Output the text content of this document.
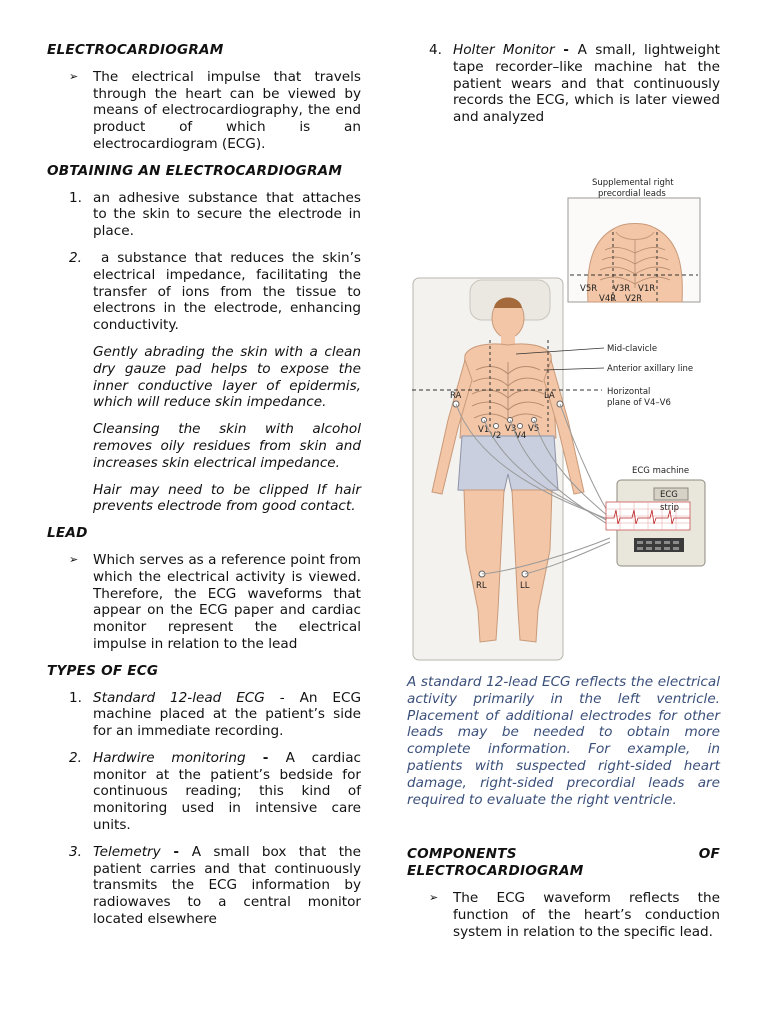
ELECTROCARDIOGRAM
➢ The electrical impulse that travels through the heart can be viewed by means of electrocardiography, the end product of which is an electrocardiogram (ECG).
OBTAINING AN ELECTROCARDIOGRAM
1. an adhesive substance that attaches to the skin to secure the electrode in place.
2. a substance that reduces the skin’s electrical impedance, facilitating the transfer of ions from the tissue to electrons in the electrode, enhancing conductivity.

Gently abrading the skin with a clean dry gauze pad helps to expose the inner conductive layer of epidermis, which will reduce skin impedance.

Cleansing the skin with alcohol removes oily residues from skin and increases skin electrical impedance.

Hair may need to be clipped If hair prevents electrode from good contact.

LEAD
➢ Which serves as a reference point from which the electrical activity is viewed. Therefore, the ECG waveforms that appear on the ECG paper and cardiac monitor represent the electrical impulse in relation to the lead
TYPES OF ECG
1. Standard 12-lead ECG - An ECG machine placed at the patient’s side for an immediate recording.
2. Hardwire monitoring - A cardiac monitor at the patient’s bedside for continuous reading; this kind of monitoring used in intensive care units.
3. Telemetry - A small box that the patient carries and that continuously transmits the ECG information by radiowaves to a central monitor located elsewhere
4. Holter Monitor - A small, lightweight tape recorder–like machine hat the patient wears and that continuously records the ECG, which is later viewed and analyzed
Supplemental right
precordial leads
V5R V3R V1R
V4R V2R
Mid-clavicle
Anterior axillary line
Horizontal
plane of V4–V6
RA	LA
V1
V2
V3
V4
V5
RL	LL
ECG machine
ECG
strip

A standard 12-lead ECG reflects the electrical activity primarily in the left ventricle. Placement of additional electrodes for other leads may be needed to obtain more complete information. For example, in patients with suspected right-sided heart damage, right-sided precordial leads are required to evaluate the right ventricle.

COMPONENTS	OF
ELECTROCARDIOGRAM
➢ The ECG waveform reflects the function of the heart’s conduction system in relation to the specific lead.
